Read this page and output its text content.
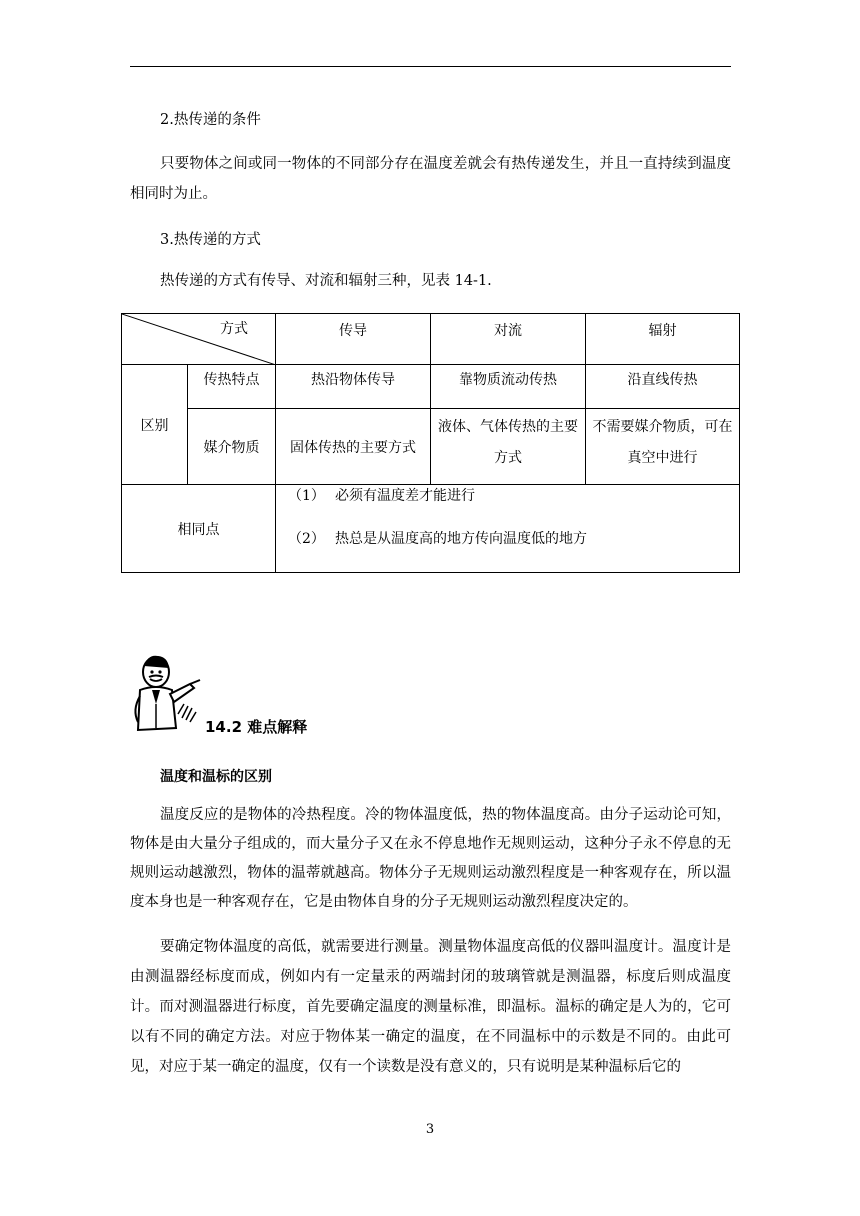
2.热传递的条件

只要物体之间或同一物体的不同部分存在温度差就会有热传递发生，并且一直持续到温度相同时为止。

3.热传递的方式

热传递的方式有传导、对流和辐射三种，见表 14-1.

方式		传导	对流	辐射
区别	传热特点	热沿物体传导	靠物质流动传热	沿直线传热
	媒介物质	固体传热的主要方式	液体、气体传热的主要方式	不需要媒介物质，可在真空中进行
相同点		（1） 必须有温度差才能进行
（2） 热总是从温度高的地方传向温度低的地方		

14.2 难点解释

温度和温标的区别

温度反应的是物体的冷热程度。冷的物体温度低，热的物体温度高。由分子运动论可知，物体是由大量分子组成的，而大量分子又在永不停息地作无规则运动，这种分子永不停息的无规则运动越激烈，物体的温蒂就越高。物体分子无规则运动激烈程度是一种客观存在，所以温度本身也是一种客观存在，它是由物体自身的分子无规则运动激烈程度决定的。

要确定物体温度的高低，就需要进行测量。测量物体温度高低的仪器叫温度计。温度计是由测温器经标度而成，例如内有一定量汞的两端封闭的玻璃管就是测温器，标度后则成温度计。而对测温器进行标度，首先要确定温度的测量标准，即温标。温标的确定是人为的，它可以有不同的确定方法。对应于物体某一确定的温度，在不同温标中的示数是不同的。由此可见，对应于某一确定的温度，仅有一个读数是没有意义的，只有说明是某种温标后它的

3
